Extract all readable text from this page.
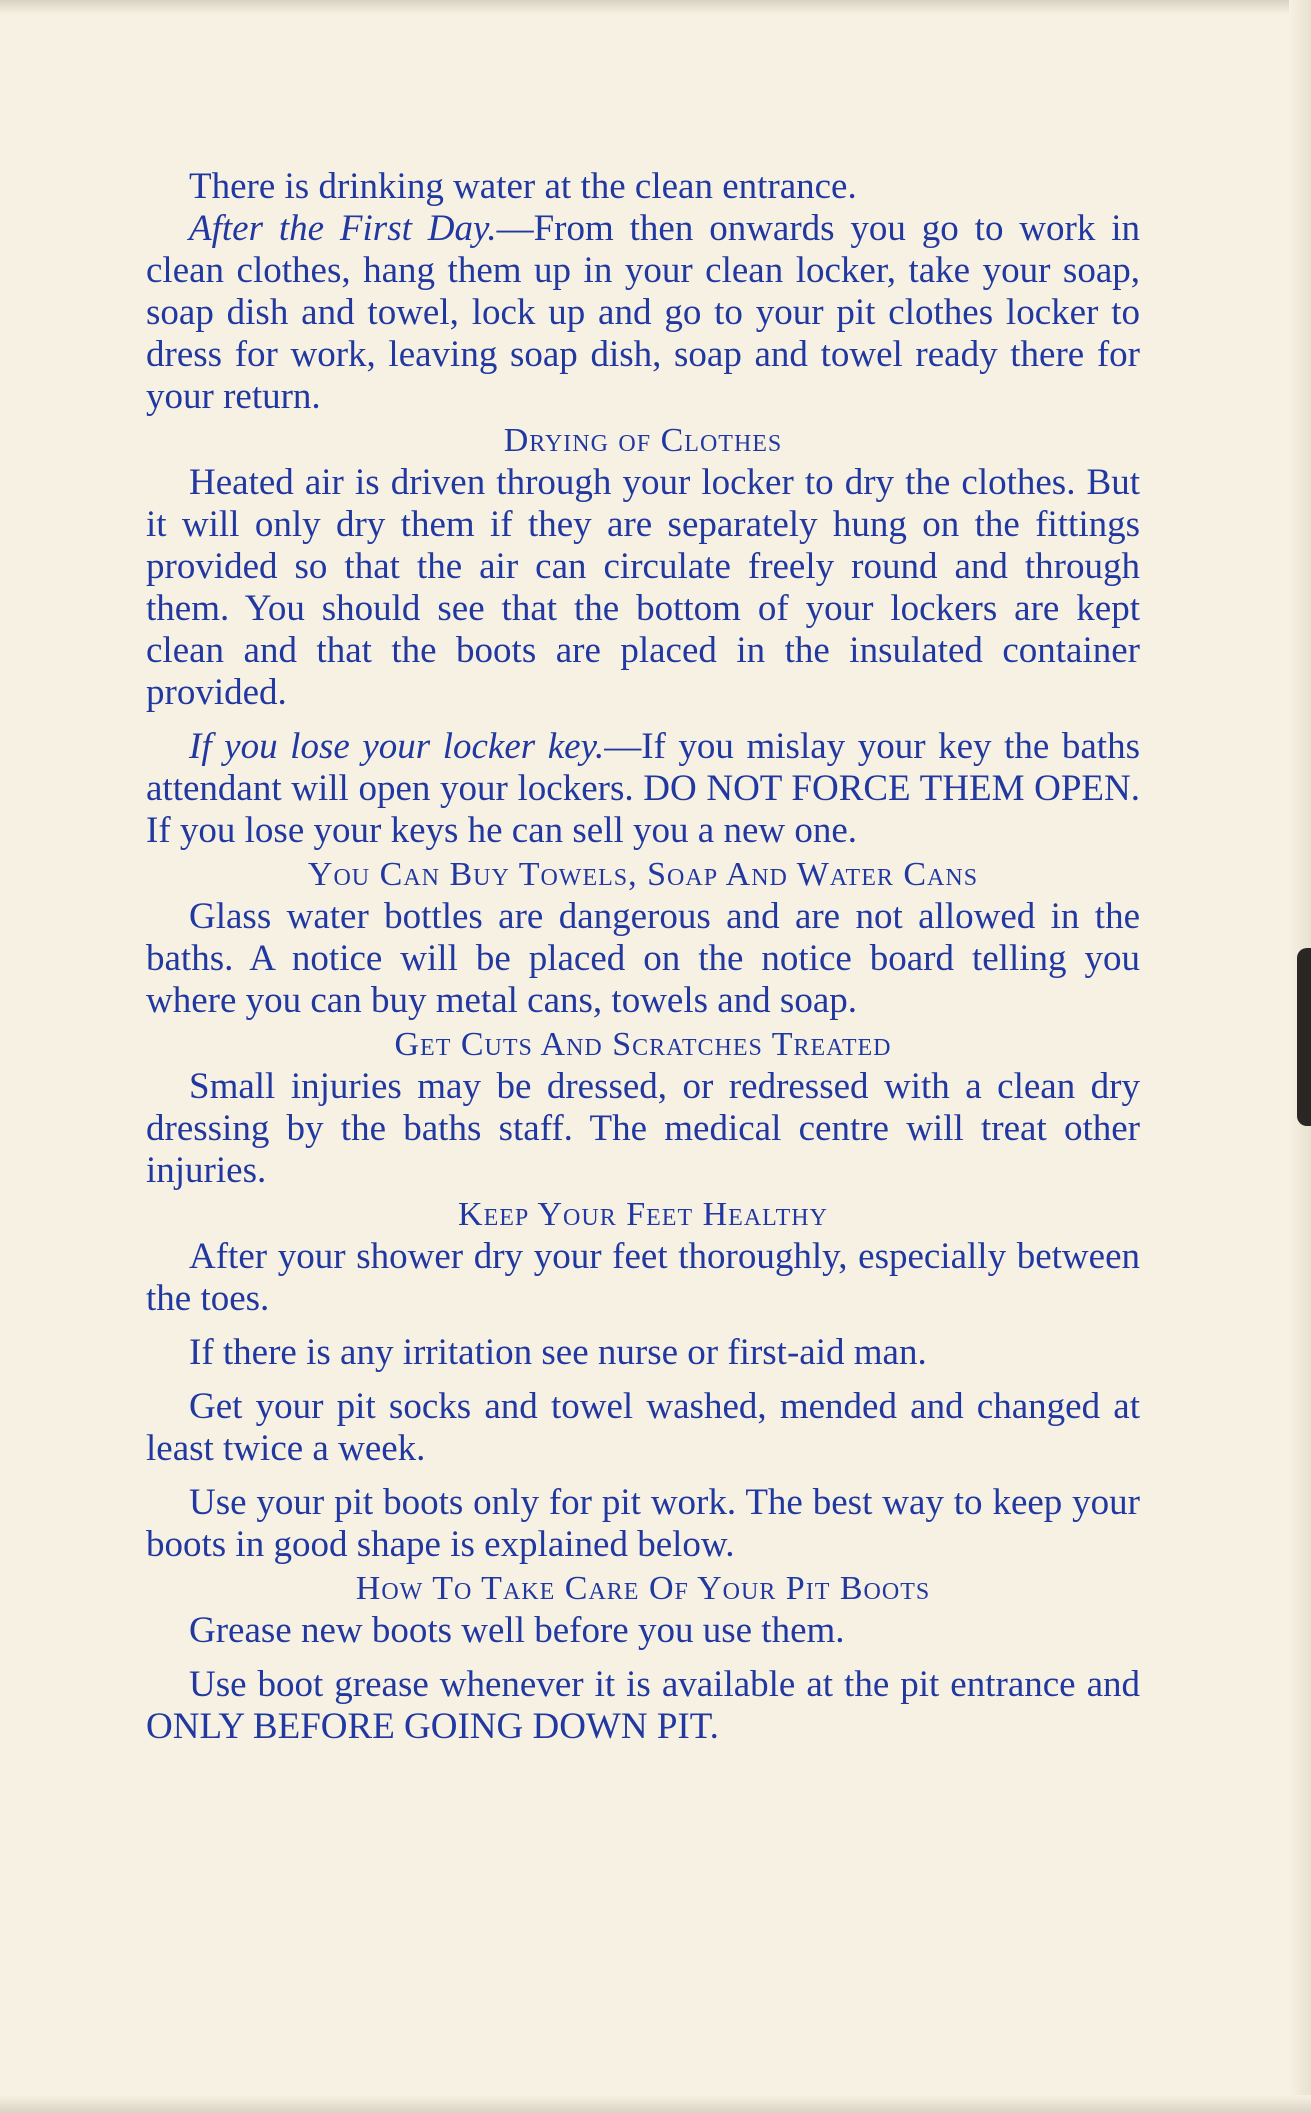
There is drinking water at the clean entrance.

After the First Day.—From then onwards you go to work in clean clothes, hang them up in your clean locker, take your soap, soap dish and towel, lock up and go to your pit clothes locker to dress for work, leaving soap dish, soap and towel ready there for your return.

Drying of Clothes

Heated air is driven through your locker to dry the clothes. But it will only dry them if they are separately hung on the fittings provided so that the air can circulate freely round and through them. You should see that the bottom of your lockers are kept clean and that the boots are placed in the insulated container provided.

If you lose your locker key.—If you mislay your key the baths attendant will open your lockers. DO NOT FORCE THEM OPEN. If you lose your keys he can sell you a new one.

You Can Buy Towels, Soap And Water Cans

Glass water bottles are dangerous and are not allowed in the baths. A notice will be placed on the notice board telling you where you can buy metal cans, towels and soap.

Get Cuts And Scratches Treated

Small injuries may be dressed, or redressed with a clean dry dressing by the baths staff. The medical centre will treat other injuries.

Keep Your Feet Healthy

After your shower dry your feet thoroughly, especially between the toes.

If there is any irritation see nurse or first-aid man.

Get your pit socks and towel washed, mended and changed at least twice a week.

Use your pit boots only for pit work. The best way to keep your boots in good shape is explained below.

How To Take Care Of Your Pit Boots

Grease new boots well before you use them.

Use boot grease whenever it is available at the pit entrance and ONLY BEFORE GOING DOWN PIT.
